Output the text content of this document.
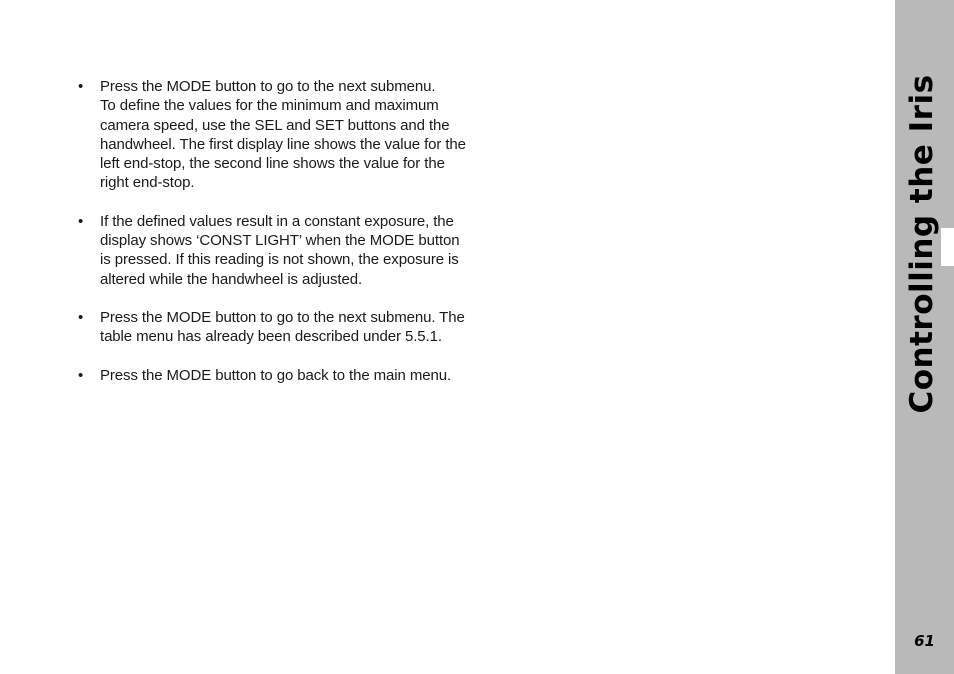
•	Press the MODE button to go to the next submenu.

To define the values for the minimum and maximum camera speed, use the SEL and SET buttons and the handwheel. The first display line shows the value for the left end-stop, the second line shows the value for the right end-stop.

•	If the defined values result in a constant exposure, the display shows ‘CONST LIGHT’ when the MODE button is pressed. If this reading is not shown, the exposure is altered while the handwheel is adjusted.

•	Press the MODE button to go to the next submenu. The table menu has already been described under 5.5.1.

•	Press the MODE button to go back to the main menu.	Controlling the Iris
61
